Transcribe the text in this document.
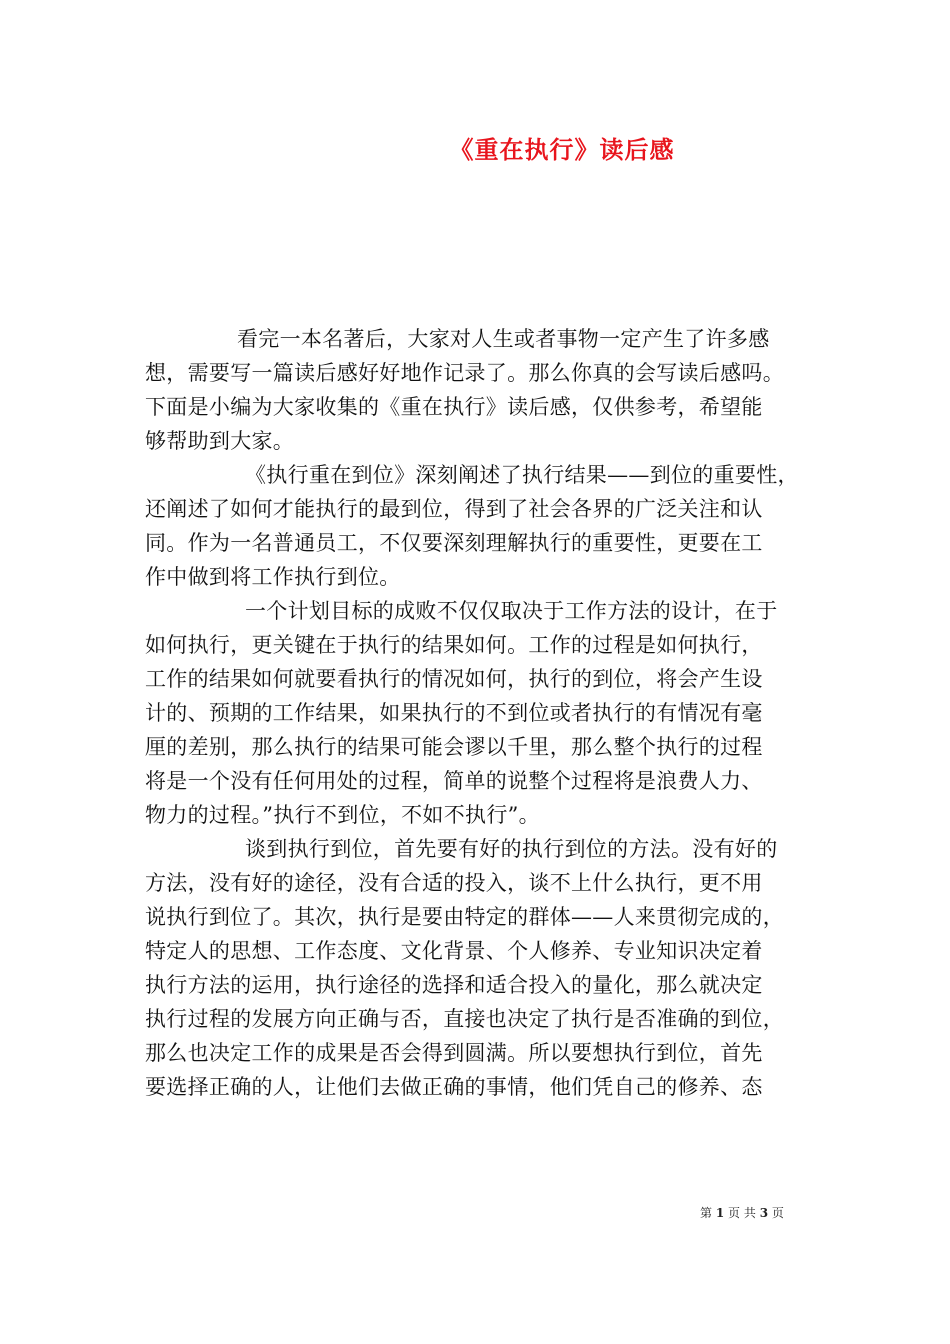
《重在执行》读后感
看完一本名著后，大家对人生或者事物一定产生了许多感
想，需要写一篇读后感好好地作记录了。那么你真的会写读后感吗。
下面是小编为大家收集的《重在执行》读后感，仅供参考，希望能
够帮助到大家。
《执行重在到位》深刻阐述了执行结果——到位的重要性，
还阐述了如何才能执行的最到位，得到了社会各界的广泛关注和认
同。作为一名普通员工，不仅要深刻理解执行的重要性，更要在工
作中做到将工作执行到位。
一个计划目标的成败不仅仅取决于工作方法的设计，在于
如何执行，更关键在于执行的结果如何。工作的过程是如何执行，
工作的结果如何就要看执行的情况如何，执行的到位，将会产生设
计的、预期的工作结果，如果执行的不到位或者执行的有情况有毫
厘的差别，那么执行的结果可能会谬以千里，那么整个执行的过程
将是一个没有任何用处的过程，简单的说整个过程将是浪费人力、
物力的过程。”执行不到位，不如不执行”。
谈到执行到位，首先要有好的执行到位的方法。没有好的
方法，没有好的途径，没有合适的投入，谈不上什么执行，更不用
说执行到位了。其次，执行是要由特定的群体——人来贯彻完成的，
特定人的思想、工作态度、文化背景、个人修养、专业知识决定着
执行方法的运用，执行途径的选择和适合投入的量化，那么就决定
执行过程的发展方向正确与否，直接也决定了执行是否准确的到位，
那么也决定工作的成果是否会得到圆满。所以要想执行到位，首先
要选择正确的人，让他们去做正确的事情，他们凭自己的修养、态
第 1 页 共 3 页
